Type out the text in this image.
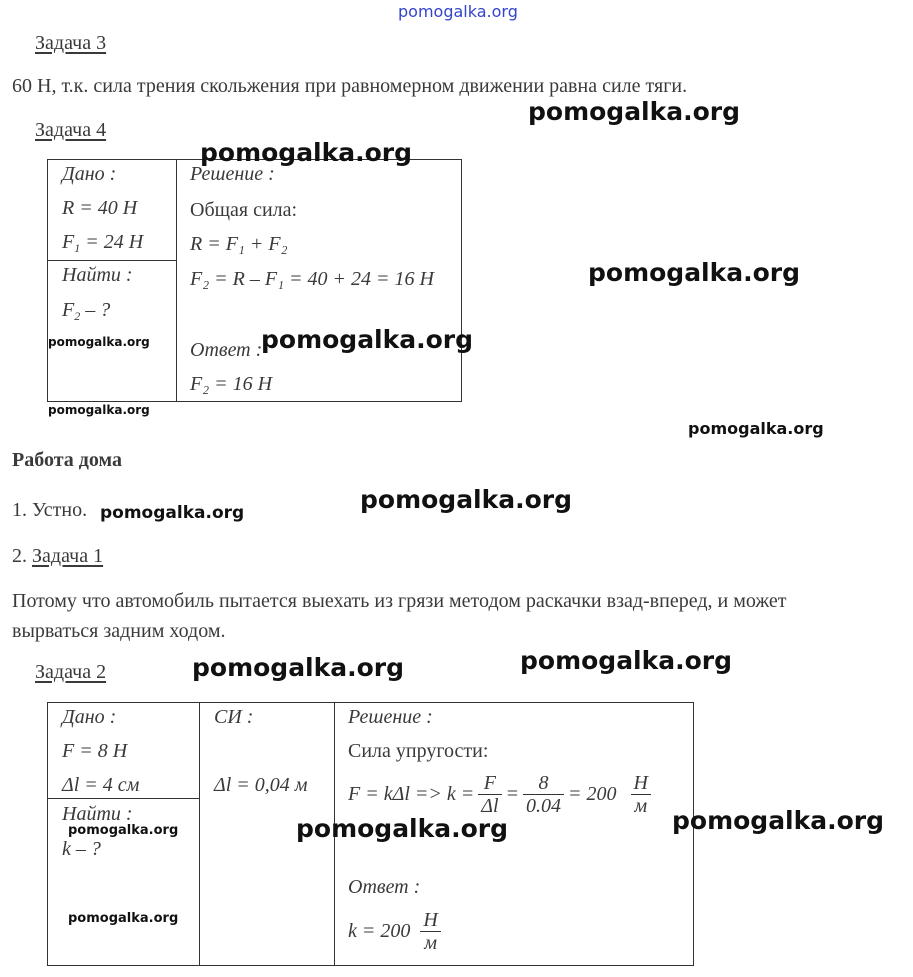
pomogalka.org
Задача 3
60 Н, т.к. сила трения скольжения при равномерном движении равна силе тяги.
Задача 4
Дано :
R = 40 Н
$F_1 = 24$ Н
Найти :
$F_2$ – ?
Решение :
Общая сила:
R = F₁ + F₂
F₂ = R – F₁ = 40 + 24 = 16 Н
Ответ :
F₂ = 16 Н
Работа дома
1. Устно.
2. Задача 1
Потому что автомобиль пытается выехать из грязи методом раскачки взад-вперед, и может
вырваться задним ходом.
Задача 2
Дано :
F = 8 Н
Δl = 4 см
Найти :
k – ?
СИ :
Δl = 0,04 м
Решение :
Сила упругости:
$F = k\Delta l => k = \frac{F}{\Delta l} = \frac{8}{0.04} = 200 \frac{Н}{м}$
Ответ :
$k = 200 \frac{Н}{м}$
pomogalka.org
pomogalka.org
pomogalka.org
pomogalka.org
pomogalka.org
pomogalka.org
pomogalka.org
pomogalka.org
pomogalka.org
pomogalka.org	pomogalka.org
pomogalka.org	pomogalka.org
pomogalka.org
pomogalka.org
